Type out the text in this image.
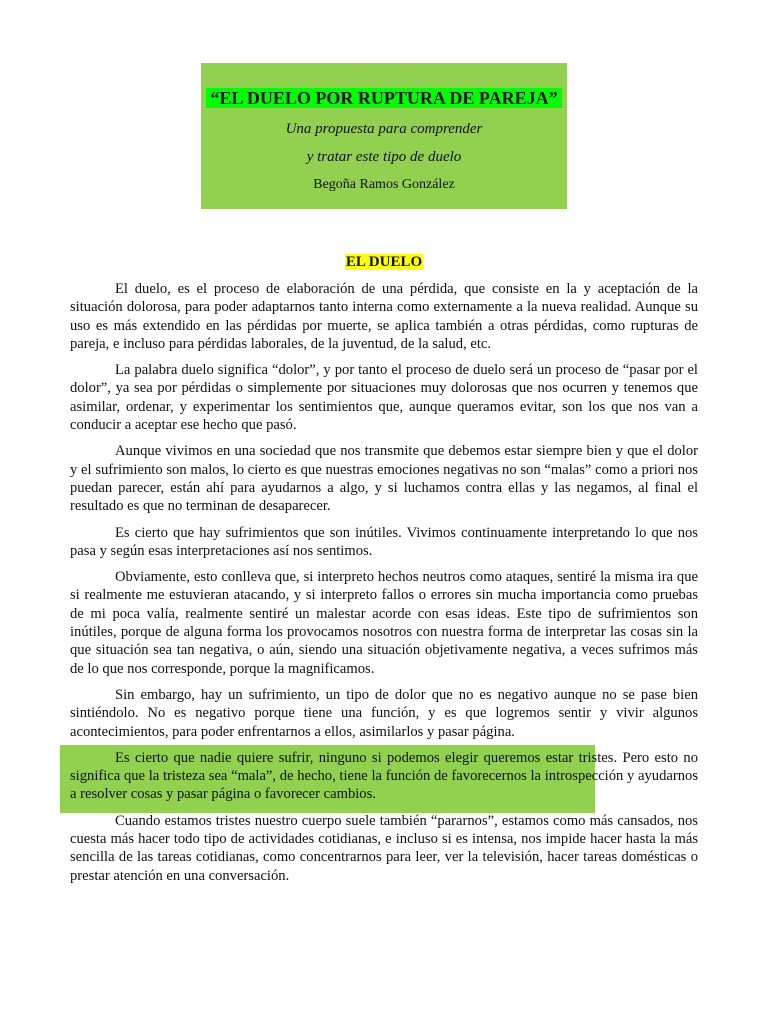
“EL DUELO POR RUPTURA DE PAREJA”

Una propuesta para comprender

y tratar este tipo de duelo

Begoña Ramos González
EL DUELO

El duelo, es el proceso de elaboración de una pérdida, que consiste en la y aceptación de la situación dolorosa, para poder adaptarnos tanto interna como externamente a la nueva realidad. Aunque su uso es más extendido en las pérdidas por muerte, se aplica también a otras pérdidas, como rupturas de pareja, e incluso para pérdidas laborales, de la juventud, de la salud, etc.

La palabra duelo significa “dolor”, y por tanto el proceso de duelo será un proceso de “pasar por el dolor”, ya sea por pérdidas o simplemente por situaciones muy dolorosas que nos ocurren y tenemos que asimilar, ordenar, y experimentar los sentimientos que, aunque queramos evitar, son los que nos van a conducir a aceptar ese hecho que pasó.

Aunque vivimos en una sociedad que nos transmite que debemos estar siempre bien y que el dolor y el sufrimiento son malos, lo cierto es que nuestras emociones negativas no son “malas” como a priori nos puedan parecer, están ahí para ayudarnos a algo, y si luchamos contra ellas y las negamos, al final el resultado es que no terminan de desaparecer.

Es cierto que hay sufrimientos que son inútiles. Vivimos continuamente interpretando lo que nos pasa y según esas interpretaciones así nos sentimos.

Obviamente, esto conlleva que, si interpreto hechos neutros como ataques, sentiré la misma ira que si realmente me estuvieran atacando, y si interpreto fallos o errores sin mucha importancia como pruebas de mi poca valía, realmente sentiré un malestar acorde con esas ideas. Este tipo de sufrimientos son inútiles, porque de alguna forma los provocamos nosotros con nuestra forma de interpretar las cosas sin la que situación sea tan negativa, o aún, siendo una situación objetivamente negativa, a veces sufrimos más de lo que nos corresponde, porque la magnificamos.

Sin embargo, hay un sufrimiento, un tipo de dolor que no es negativo aunque no se pase bien sintiéndolo. No es negativo porque tiene una función, y es que logremos sentir y vivir algunos acontecimientos, para poder enfrentarnos a ellos, asimilarlos y pasar página.

Es cierto que nadie quiere sufrir, ninguno si podemos elegir queremos estar tristes. Pero esto no significa que la tristeza sea “mala”, de hecho, tiene la función de favorecernos la introspección y ayudarnos a resolver cosas y pasar página o favorecer cambios.

Cuando estamos tristes nuestro cuerpo suele también “pararnos”, estamos como más cansados, nos cuesta más hacer todo tipo de actividades cotidianas, e incluso si es intensa, nos impide hacer hasta la más sencilla de las tareas cotidianas, como concentrarnos para leer, ver la televisión, hacer tareas domésticas o prestar atención en una conversación.
